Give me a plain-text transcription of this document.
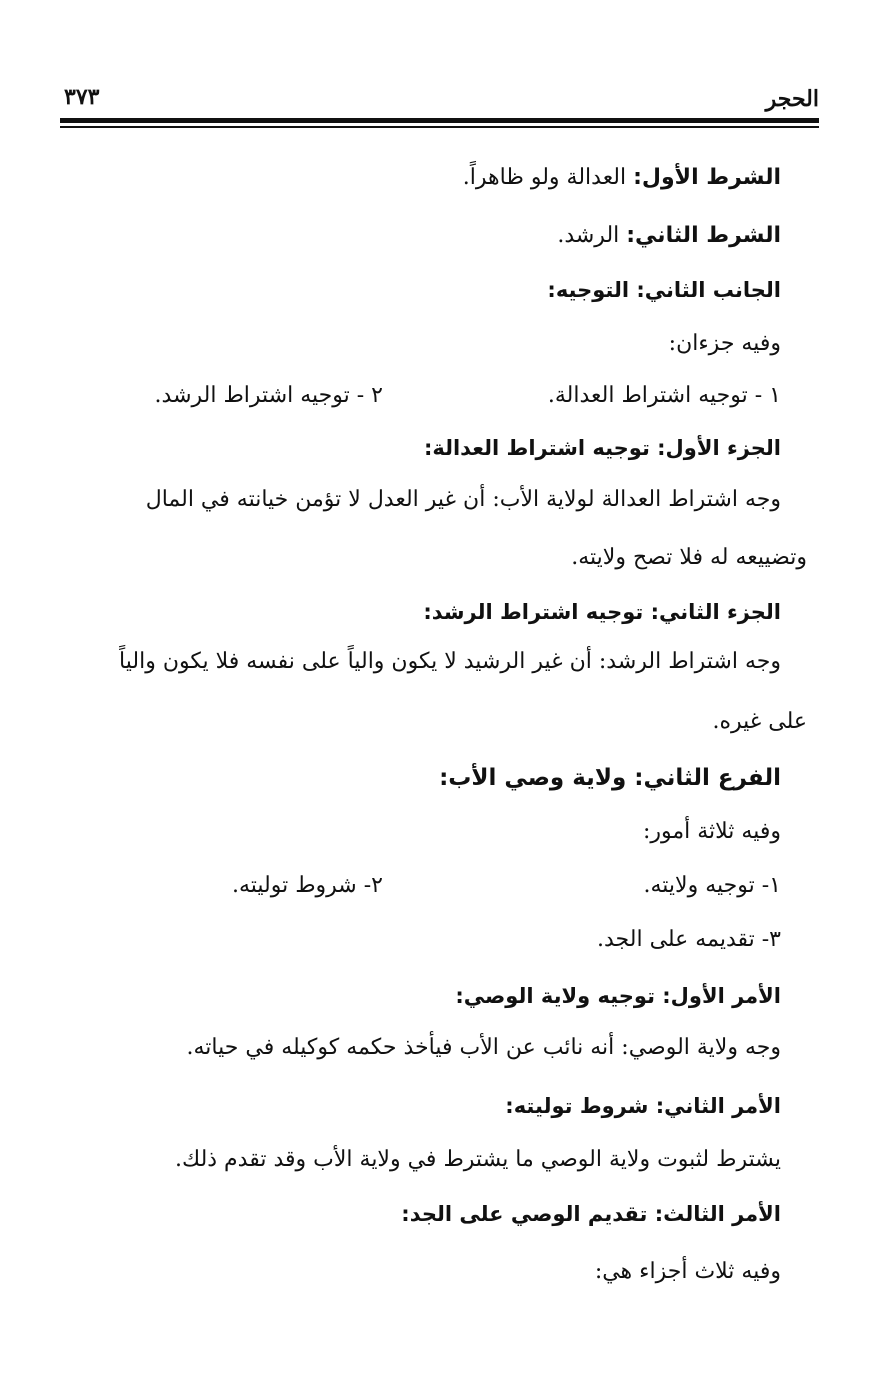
الحجر
٣٧٣
الشرط الأول: العدالة ولو ظاهراً.
الشرط الثاني: الرشد.
الجانب الثاني: التوجيه:
وفيه جزءان:
١ - توجيه اشتراط العدالة.
٢ - توجيه اشتراط الرشد.
الجزء الأول: توجيه اشتراط العدالة:
وجه اشتراط العدالة لولاية الأب: أن غير العدل لا تؤمن خيانته في المال
وتضييعه له فلا تصح ولايته.
الجزء الثاني: توجيه اشتراط الرشد:
وجه اشتراط الرشد: أن غير الرشيد لا يكون والياً على نفسه فلا يكون والياً
على غيره.
الفرع الثاني: ولاية وصي الأب:
وفيه ثلاثة أمور:
١- توجيه ولايته.
٢- شروط توليته.
٣- تقديمه على الجد.
الأمر الأول: توجيه ولاية الوصي:
وجه ولاية الوصي: أنه نائب عن الأب فيأخذ حكمه كوكيله في حياته.
الأمر الثاني: شروط توليته:
يشترط لثبوت ولاية الوصي ما يشترط في ولاية الأب وقد تقدم ذلك.
الأمر الثالث: تقديم الوصي على الجد:
وفيه ثلاث أجزاء هي:
